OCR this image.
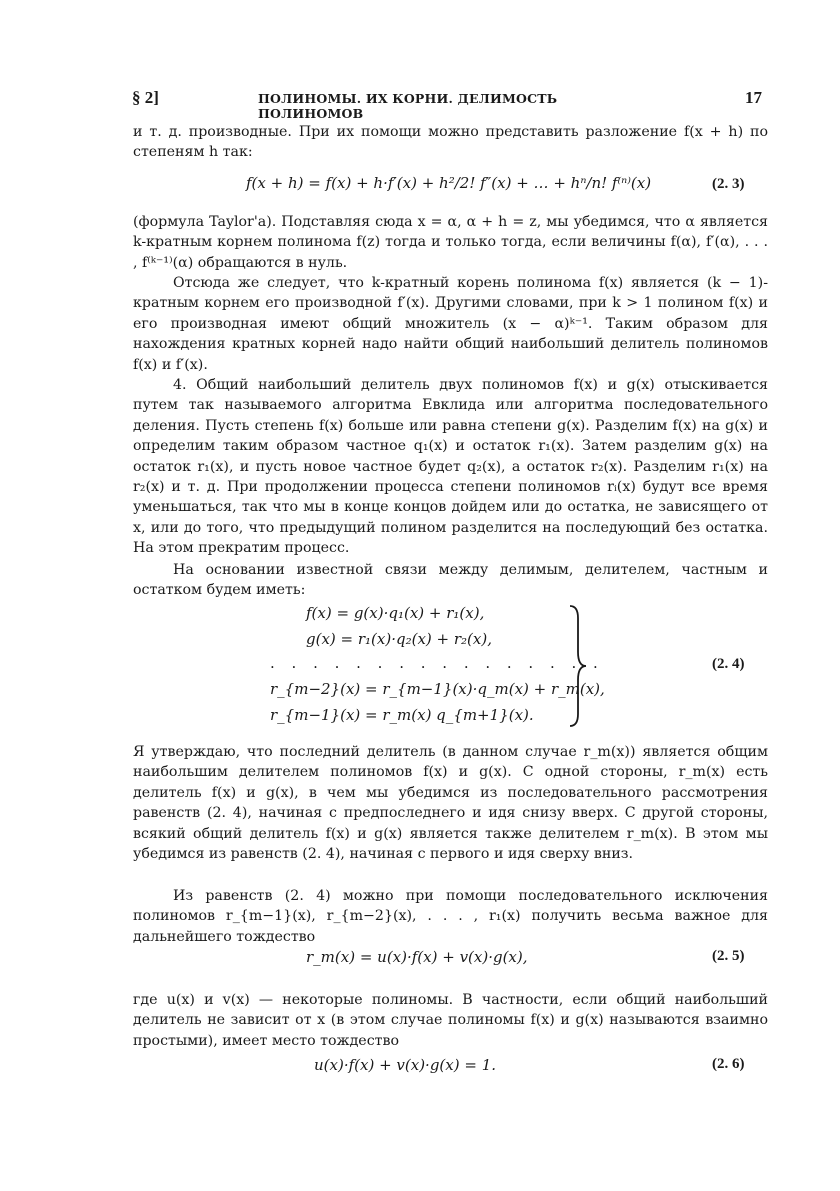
§ 2]	ПОЛИНОМЫ. ИХ КОРНИ. ДЕЛИМОСТЬ ПОЛИНОМОВ
17

и т. д. производные. При их помощи можно представить разложение f(x + h) по степеням h так:

f(x + h) = f(x) + h·f′(x) + h²/2! f″(x) + … + hⁿ/n! f⁽ⁿ⁾(x)	(2. 3)

(формула Taylor'а). Подставляя сюда x = α, α + h = z, мы убедимся, что α является k-кратным корнем полинома f(z) тогда и только тогда, если величины f(α), f′(α), . . . , f⁽ᵏ⁻¹⁾(α) обращаются в нуль.

Отсюда же следует, что k-кратный корень полинома f(x) является (k − 1)-кратным корнем его производной f′(x). Другими словами, при k > 1 полином f(x) и его производная имеют общий множитель (x − α)ᵏ⁻¹. Таким образом для нахождения кратных корней надо найти общий наибольший делитель полиномов f(x) и f′(x).

4. Общий наибольший делитель двух полиномов f(x) и g(x) отыскивается путем так называемого алгоритма Евклида или алгоритма последовательного деления. Пусть степень f(x) больше или равна степени g(x). Разделим f(x) на g(x) и определим таким образом частное q₁(x) и остаток r₁(x). Затем разделим g(x) на остаток r₁(x), и пусть новое частное будет q₂(x), а остаток r₂(x). Разделим r₁(x) на r₂(x) и т. д. При продолжении процесса степени полиномов rᵢ(x) будут все время уменьшаться, так что мы в конце концов дойдем или до остатка, не зависящего от x, или до того, что предыдущий полином разделится на последующий без остатка. На этом прекратим процесс.

На основании известной связи между делимым, делителем, частным и остатком будем иметь:

f(x) = g(x)·q₁(x) + r₁(x),
g(x) = r₁(x)·q₂(x) + r₂(x),
. . . . . . . . . . . . . . . .
r_{m−2}(x) = r_{m−1}(x)·q_m(x) + r_m(x),
r_{m−1}(x) = r_m(x) q_{m+1}(x).
(2. 4)

Я утверждаю, что последний делитель (в данном случае r_m(x)) является общим наибольшим делителем полиномов f(x) и g(x). С одной стороны, r_m(x) есть делитель f(x) и g(x), в чем мы убедимся из последовательного рассмотрения равенств (2. 4), начиная с предпоследнего и идя снизу вверх. С другой стороны, всякий общий делитель f(x) и g(x) является также делителем r_m(x). В этом мы убедимся из равенств (2. 4), начиная с первого и идя сверху вниз.

Из равенств (2. 4) можно при помощи последовательного исключения полиномов r_{m−1}(x), r_{m−2}(x), . . . , r₁(x) получить весьма важное для дальнейшего тождество

r_m(x) = u(x)·f(x) + v(x)·g(x),	(2. 5)

где u(x) и v(x) — некоторые полиномы. В частности, если общий наибольший делитель не зависит от x (в этом случае полиномы f(x) и g(x) называются взаимно простыми), имеет место тождество

u(x)·f(x) + v(x)·g(x) = 1.	(2. 6)
